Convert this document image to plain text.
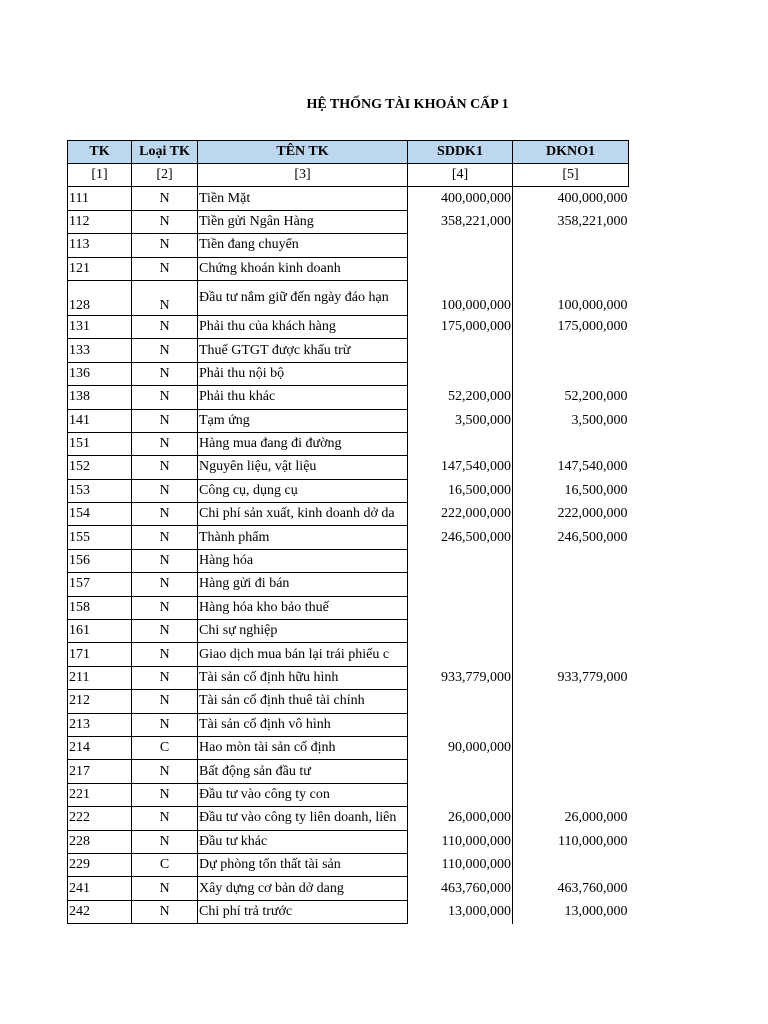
HỆ THỐNG TÀI KHOẢN CẤP 1
TK	Loại TK	TÊN TK	SDDK1	DKNO1
[1]	[2]	[3]	[4]	[5]
111	N	Tiền Mặt	400,000,000	400,000,000
112	N	Tiền gửi Ngân Hàng	358,221,000	358,221,000
113	N	Tiền đang chuyển		
121	N	Chứng khoán kinh doanh		
128	N	Đầu tư nắm giữ đến ngày đáo hạn	100,000,000	100,000,000
131	N	Phải thu của khách hàng	175,000,000	175,000,000
133	N	Thuế GTGT được khấu trừ		
136	N	Phải thu nội bộ		
138	N	Phải thu khác	52,200,000	52,200,000
141	N	Tạm ứng	3,500,000	3,500,000
151	N	Hàng mua đang đi đường		
152	N	Nguyên liệu, vật liệu	147,540,000	147,540,000
153	N	Công cụ, dụng cụ	16,500,000	16,500,000
154	N	Chi phí sản xuất, kinh doanh dở da	222,000,000	222,000,000
155	N	Thành phẩm	246,500,000	246,500,000
156	N	Hàng hóa		
157	N	Hàng gửi đi bán		
158	N	Hàng hóa kho bảo thuế		
161	N	Chi sự nghiệp		
171	N	Giao dịch mua bán lại trái phiếu c		
211	N	Tài sản cố định hữu hình	933,779,000	933,779,000
212	N	Tài sản cố định thuê tài chính		
213	N	Tài sản cố định vô hình		
214	C	Hao mòn tài sản cố định	90,000,000	
217	N	Bất động sản đầu tư		
221	N	Đầu tư vào công ty con		
222	N	Đầu tư vào công ty liên doanh, liên	26,000,000	26,000,000
228	N	Đầu tư khác	110,000,000	110,000,000
229	C	Dự phòng tổn thất tài sản	110,000,000	
241	N	Xây dựng cơ bản dở dang	463,760,000	463,760,000
242	N	Chi phí trả trước	13,000,000	13,000,000
